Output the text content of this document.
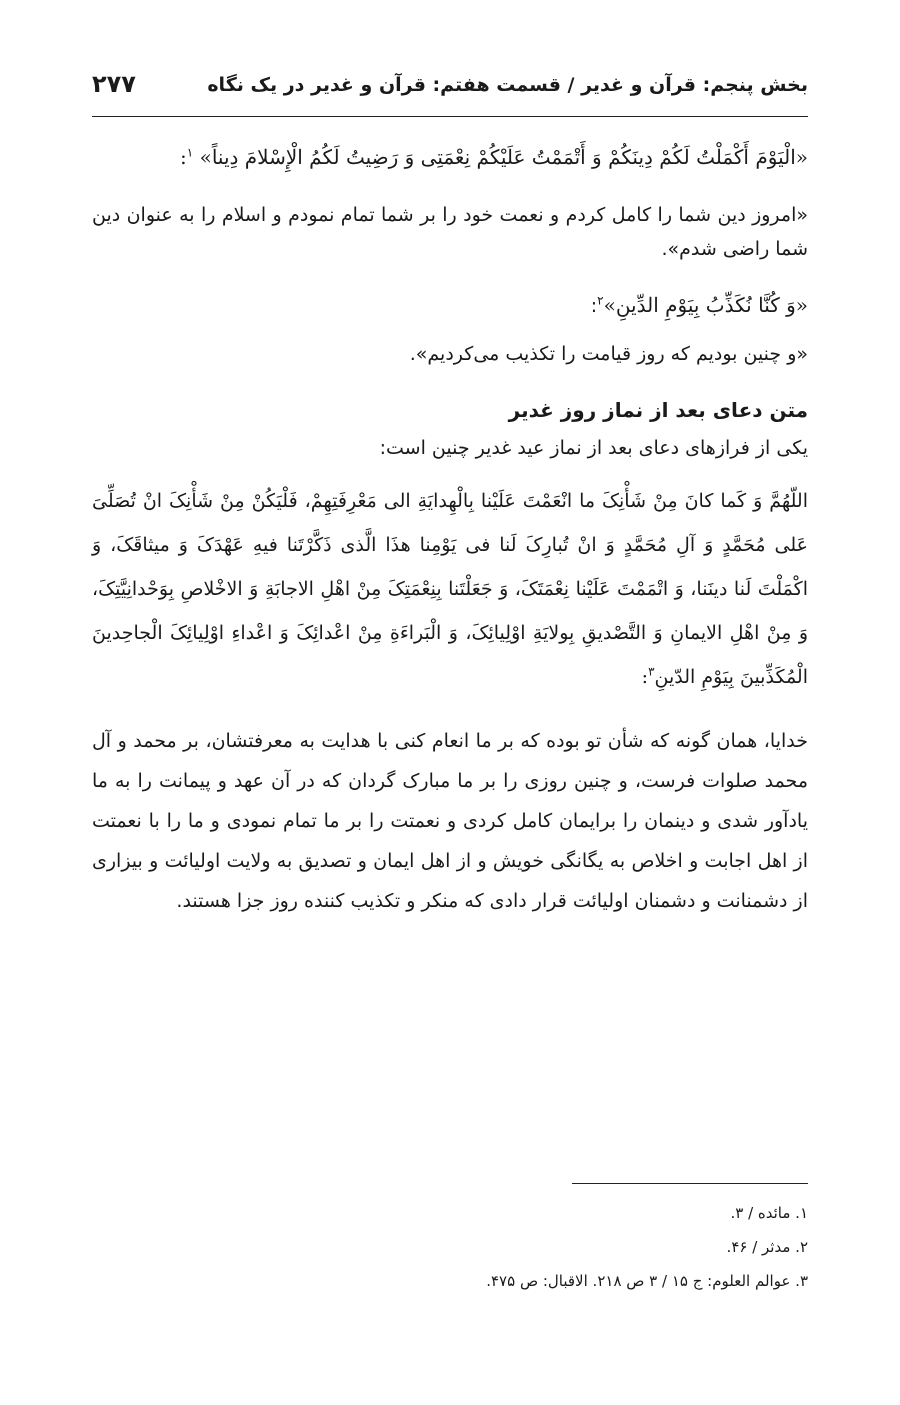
بخش پنجم: قرآن و غدیر / قسمت هفتم: قرآن و غدیر در یک نگاه
۲۷۷

«الْیَوْمَ أَکْمَلْتُ لَکُمْ دِینَکُمْ وَ أَتْمَمْتُ عَلَیْکُمْ نِعْمَتِی وَ رَضِیتُ لَکُمُ الْإِسْلامَ دِیناً» $^۱$:

«امروز دین شما را کامل کردم و نعمت خود را بر شما تمام نمودم و اسلام را به عنوان دین شما راضی شدم».

«وَ کُنَّا نُکَذِّبُ بِیَوْمِ الدِّینِ»$^۲$:

«و چنین بودیم که روز قیامت را تکذیب می‌کردیم».

متن دعای بعد از نماز روز غدیر
یکی از فرازهای دعای بعد از نماز عید غدیر چنین است:

اللّهُمَّ وَ کَما کانَ مِنْ شَأْنِکَ ما انْعَمْتَ عَلَیْنا بِالْهِدایَةِ الی مَعْرِفَتِهِمْ، فَلْیَکُنْ مِنْ شَأْنِکَ انْ تُصَلِّیَ عَلی مُحَمَّدٍ وَ آلِ مُحَمَّدٍ وَ انْ تُبارِکَ لَنا فی یَوْمِنا هذَا الَّذی ذَکَّرْتَنا فیهِ عَهْدَکَ وَ میثاقَکَ، وَ اکْمَلْتَ لَنا دینَنا، وَ اتْمَمْتَ عَلَیْنا نِعْمَتَکَ، وَ جَعَلْتَنا بِنِعْمَتِکَ مِنْ اهْلِ الاجابَةِ وَ الاخْلاصِ بِوَحْدانِیَّتِکَ، وَ مِنْ اهْلِ الایمانِ وَ التَّصْدیقِ بِولایَةِ اوْلِیائِکَ، وَ الْبَراءَةِ مِنْ اعْدائِکَ وَ اعْداءِ اوْلِیائِکَ الْجاحِدینَ الْمُکَذِّبینَ بِیَوْمِ الدّینِ$^۳$:

خدایا، همان گونه که شأن تو بوده که بر ما انعام کنی با هدایت به معرفتشان، بر محمد و آل محمد صلوات فرست، و چنین روزی را بر ما مبارک گردان که در آن عهد و پیمانت را به ما یادآور شدی و دینمان را برایمان کامل کردی و نعمتت را بر ما تمام نمودی و ما را با نعمتت از اهل اجابت و اخلاص به یگانگی خویش و از اهل ایمان و تصدیق به ولایت اولیائت و بیزاری از دشمنانت و دشمنان اولیائت قرار دادی که منکر و تکذیب کننده روز جزا هستند.

۱. مائده / ۳.
۲. مدثر / ۴۶.
۳. عوالم العلوم: ج ۱۵ / ۳ ص ۲۱۸. الاقبال: ص ۴۷۵.
